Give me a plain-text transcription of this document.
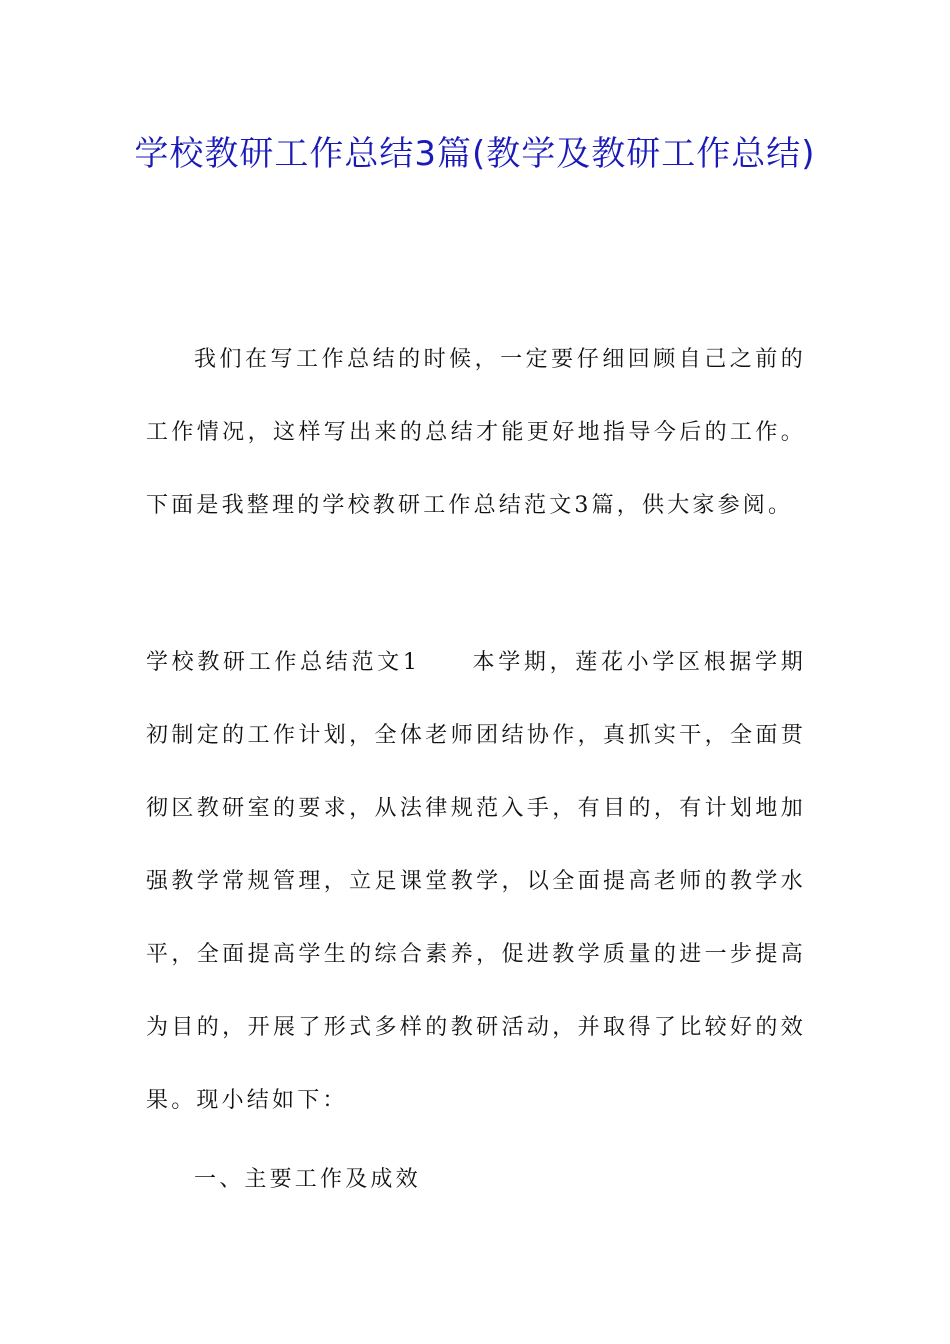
学校教研工作总结3篇(教学及教研工作总结)

我们在写工作总结的时候，一定要仔细回顾自己之前的工作情况，这样写出来的总结才能更好地指导今后的工作。下面是我整理的学校教研工作总结范文3篇，供大家参阅。

学校教研工作总结范文1 本学期，莲花小学区根据学期初制定的工作计划，全体老师团结协作，真抓实干，全面贯彻区教研室的要求，从法律规范入手，有目的，有计划地加强教学常规管理，立足课堂教学，以全面提高老师的教学水平，全面提高学生的综合素养，促进教学质量的进一步提高为目的，开展了形式多样的教研活动，并取得了比较好的效果。现小结如下：

一、主要工作及成效
